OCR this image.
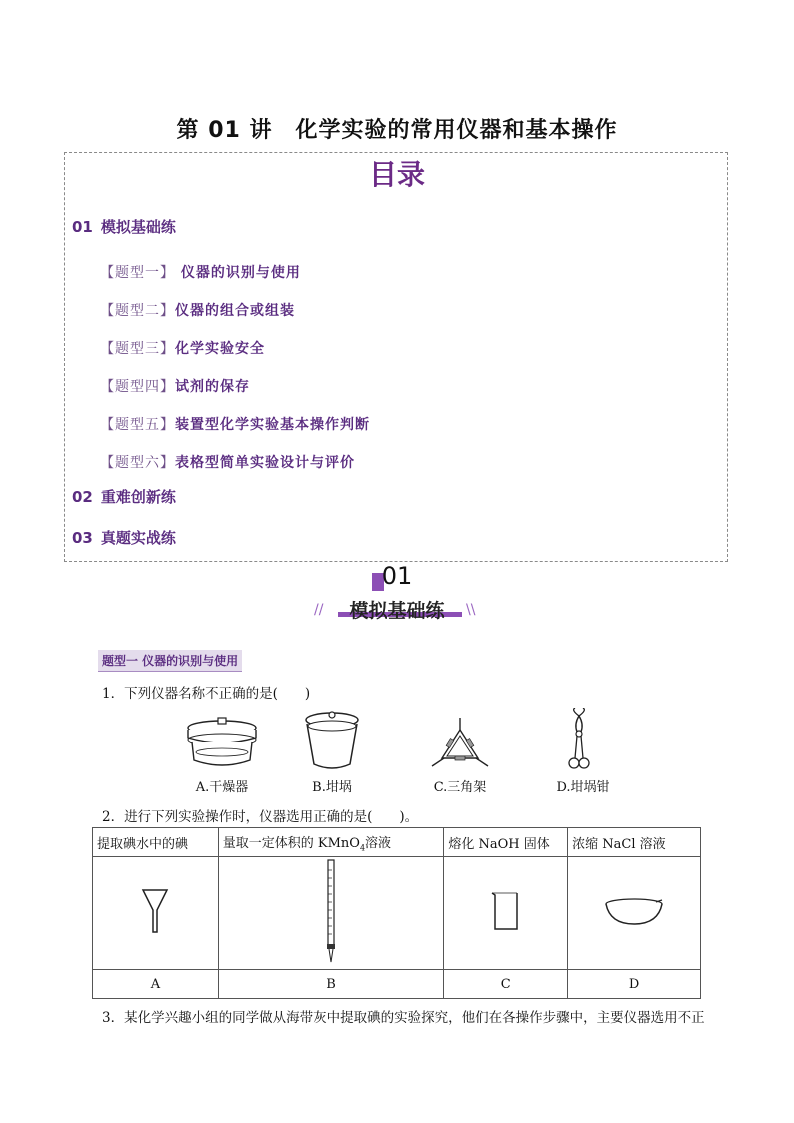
第 01 讲　化学实验的常用仪器和基本操作
目录
01 模拟基础练
【题型一】 仪器的识别与使用
【题型二】仪器的组合或组装
【题型三】化学实验安全
【题型四】试剂的保存
【题型五】装置型化学实验基本操作判断
【题型六】表格型简单实验设计与评价
02 重难创新练
03 真题实战练
01
//	\\
模拟基础练
题型一 仪器的识别与使用
1．下列仪器名称不正确的是(　　)
A.干燥器	B.坩埚	C.三角架	D.坩埚钳
2．进行下列实验操作时，仪器选用正确的是(　　)。
提取碘水中的碘	量取一定体积的 KMnO$_4$溶液	熔化 NaOH 固体	浓缩 NaCl 溶液

A	B	C	D
3．某化学兴趣小组的同学做从海带灰中提取碘的实验探究，他们在各操作步骤中，主要仪器选用不正
